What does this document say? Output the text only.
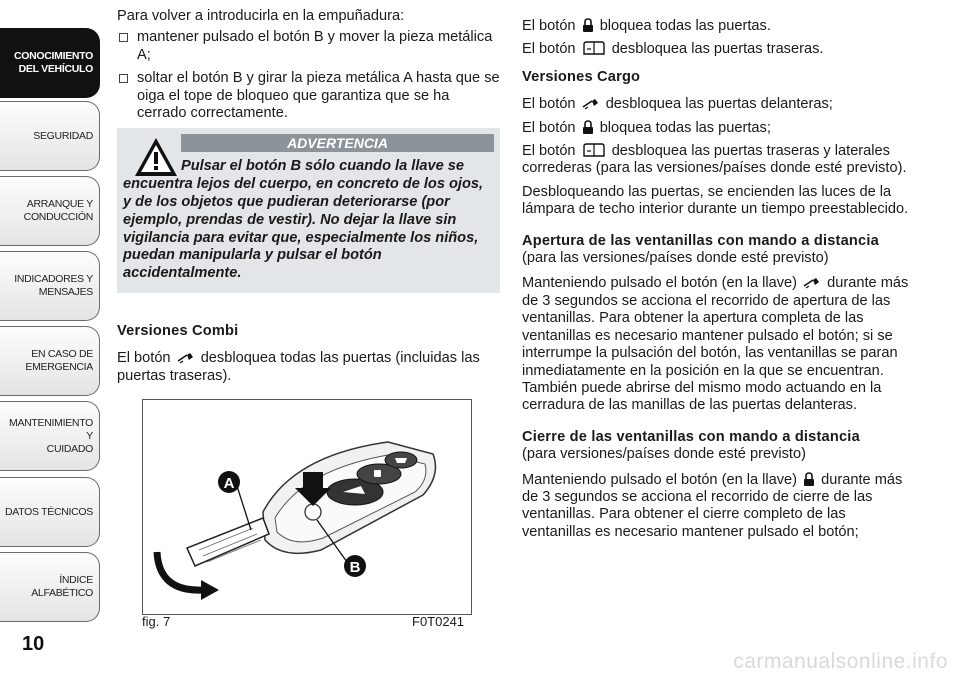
CONOCIMIENTO
DEL VEHÍCULO
SEGURIDAD
ARRANQUE Y
CONDUCCIÓN
INDICADORES Y
MENSAJES
EN CASO DE
EMERGENCIA
MANTENIMIENTO Y
CUIDADO
DATOS TÉCNICOS
ÍNDICE ALFABÉTICO
10

Para volver a introducirla en la empuñadura:

mantener pulsado el botón B y mover la pieza metálica A;
soltar el botón B y girar la pieza metálica A hasta que se oiga el tope de bloqueo que garantiza que se ha cerrado correctamente.
ADVERTENCIA
Pulsar el botón B sólo cuando la llave se encuentra lejos del cuerpo, en concreto de los ojos, y de los objetos que pudieran deteriorarse (por ejemplo, prendas de vestir). No dejar la llave sin vigilancia para evitar que, especialmente los niños, puedan manipularla y pulsar el botón accidentalmente.

Versiones Combi

El botón desbloquea todas las puertas (incluidas las puertas traseras).

A
B
fig. 7	F0T0241

El botón bloquea todas las puertas.

El botón desbloquea las puertas traseras.

Versiones Cargo

El botón desbloquea las puertas delanteras;

El botón bloquea todas las puertas;

El botón desbloquea las puertas traseras y laterales correderas (para las versiones/países donde esté previsto).

Desbloqueando las puertas, se encienden las luces de la lámpara de techo interior durante un tiempo preestablecido.

Apertura de las ventanillas con mando a distancia

(para las versiones/países donde esté previsto)

Manteniendo pulsado el botón (en la llave) durante más de 3 segundos se acciona el recorrido de apertura de las ventanillas. Para obtener la apertura completa de las ventanillas es necesario mantener pulsado el botón; si se interrumpe la pulsación del botón, las ventanillas se paran inmediatamente en la posición en la que se encuentran. También puede abrirse del mismo modo actuando en la cerradura de las manillas de las puertas delanteras.

Cierre de las ventanillas con mando a distancia

(para versiones/países donde esté previsto)

Manteniendo pulsado el botón (en la llave) durante más de 3 segundos se acciona el recorrido de cierre de las ventanillas. Para obtener el cierre completo de las ventanillas es necesario mantener pulsado el botón;

carmanualsonline.info
